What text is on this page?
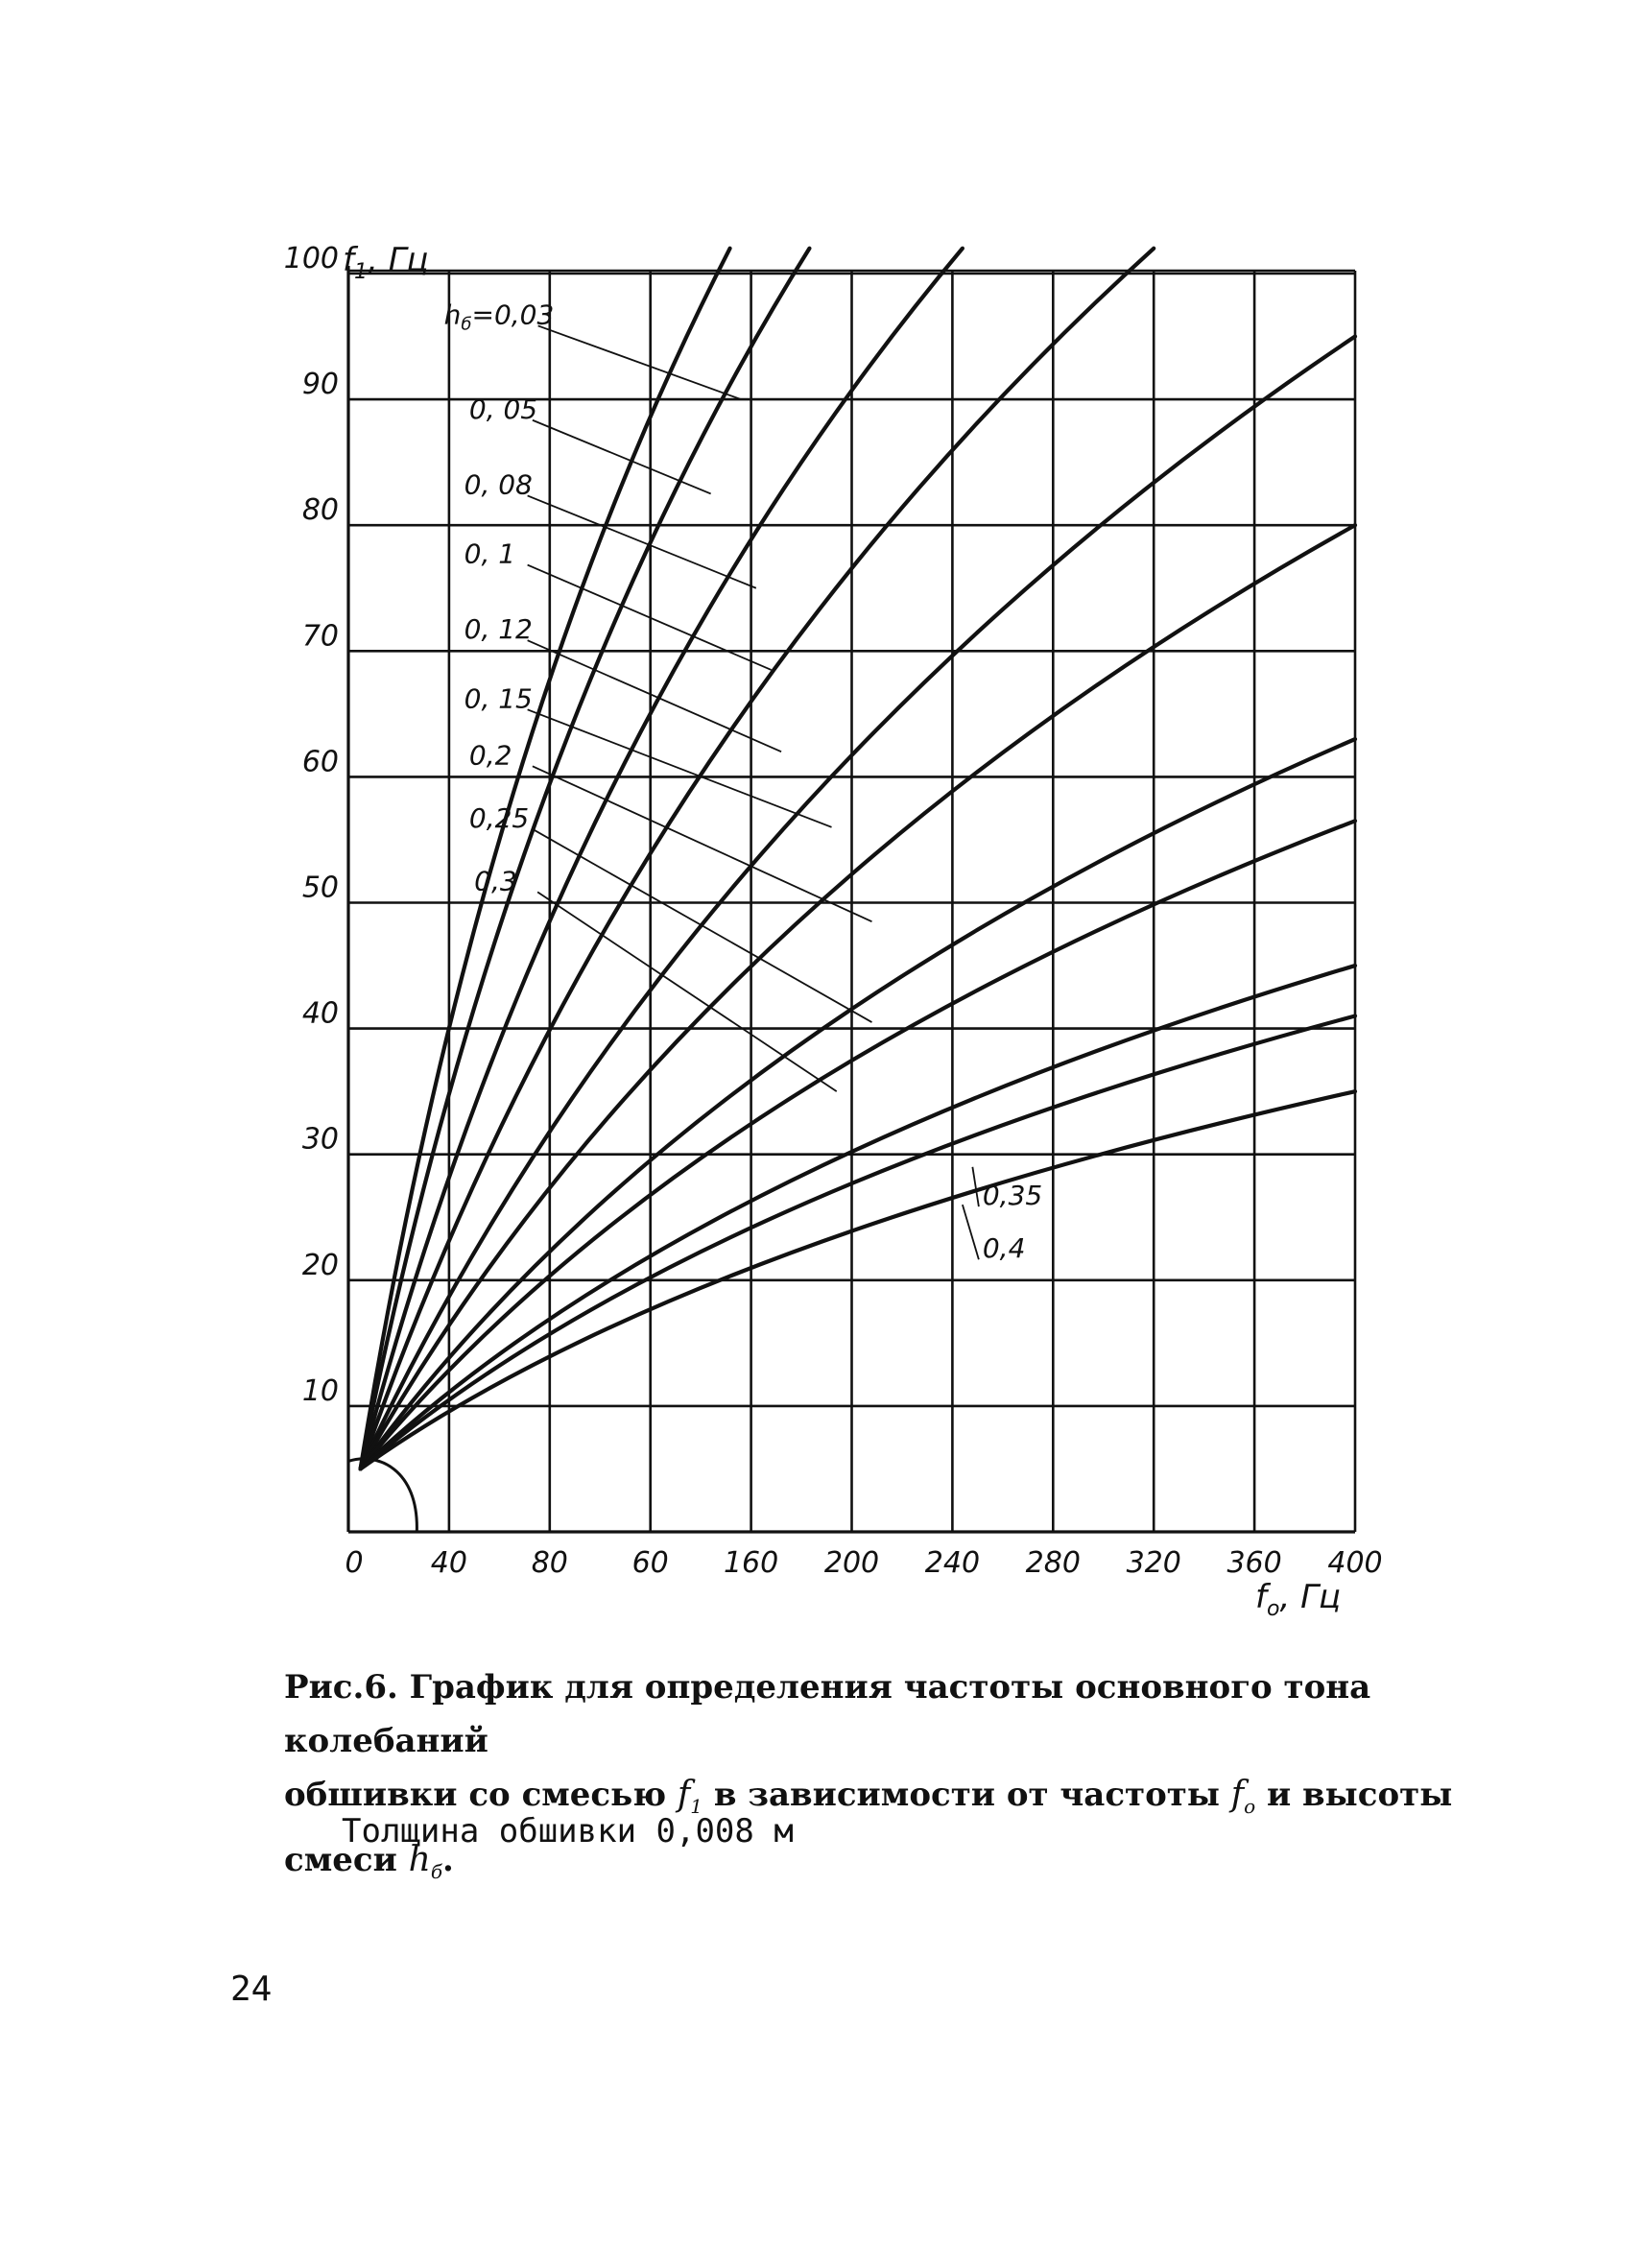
10
20
30
40
50
60
70
80
90
100
0 40 80 60 160 200 240 280 320 360 400
$h_б=0,03$
0, 05
0, 08
0, 1
0, 12
0, 15
0,2
0,25
0,3
0,35
0,4
$f_1$, Гц
$f_o$, Гц
Рис.6. График для определения частоты основного тона колебаний
обшивки со смесью $f_1$ в зависимости от частоты $f_o$ и высоты
смеси $h_б$.
Толщина обшивки 0,008 м
24
